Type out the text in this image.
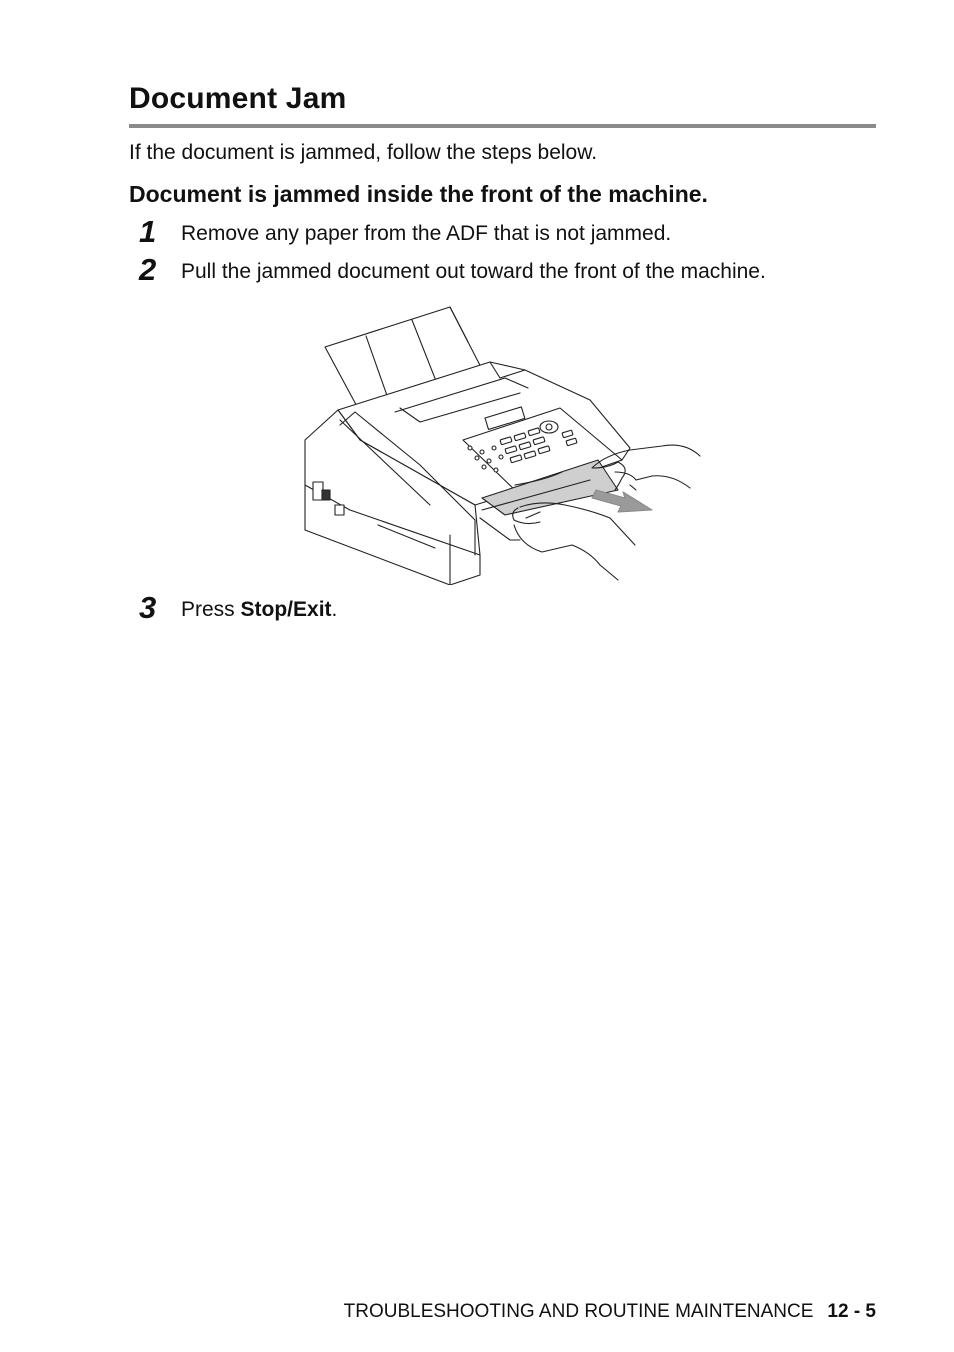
Document Jam

If the document is jammed, follow the steps below.

Document is jammed inside the front of the machine.
1 Remove any paper from the ADF that is not jammed.
2 Pull the jammed document out toward the front of the machine.
3 Press Stop/Exit.
TROUBLESHOOTING AND ROUTINE MAINTENANCE 12 - 5
